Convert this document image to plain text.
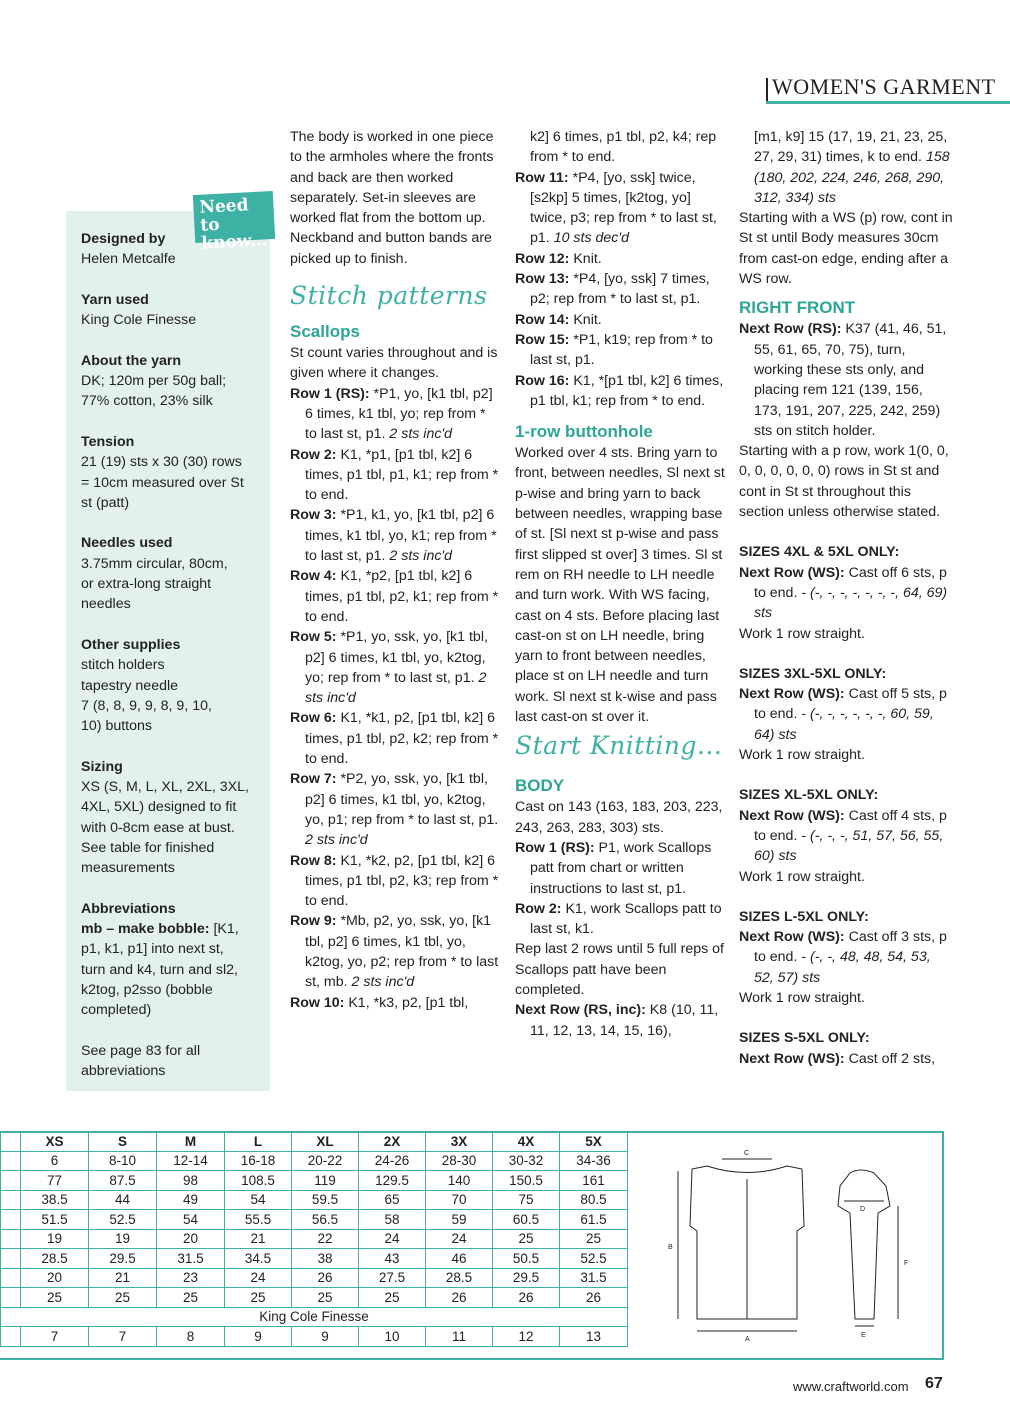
WOMEN'S GARMENT
Need to
know...
Designed by
Helen Metcalfe
Yarn used
King Cole Finesse
About the yarn
DK; 120m per 50g ball; 77% cotton, 23% silk
Tension
21 (19) sts x 30 (30) rows = 10cm measured over St st (patt)
Needles used
3.75mm circular, 80cm, or extra-long straight needles
Other supplies
stitch holders
tapestry needle
7 (8, 8, 9, 9, 8, 9, 10, 10) buttons
Sizing
XS (S, M, L, XL, 2XL, 3XL, 4XL, 5XL) designed to fit with 0-8cm ease at bust. See table for finished measurements
Abbreviations
mb – make bobble: [K1, p1, k1, p1] into next st, turn and k4, turn and sl2, k2tog, p2sso (bobble completed)
See page 83 for all abbreviations

The body is worked in one piece to the armholes where the fronts and back are then worked separately. Set-in sleeves are worked flat from the bottom up. Neckband and button bands are picked up to finish.

Stitch patterns
Scallops

St count varies throughout and is given where it changes.

Row 1 (RS): *P1, yo, [k1 tbl, p2] 6 times, k1 tbl, yo; rep from * to last st, p1. 2 sts inc'd

Row 2: K1, *p1, [p1 tbl, k2] 6 times, p1 tbl, p1, k1; rep from * to end.

Row 3: *P1, k1, yo, [k1 tbl, p2] 6 times, k1 tbl, yo, k1; rep from * to last st, p1. 2 sts inc'd

Row 4: K1, *p2, [p1 tbl, k2] 6 times, p1 tbl, p2, k1; rep from * to end.

Row 5: *P1, yo, ssk, yo, [k1 tbl, p2] 6 times, k1 tbl, yo, k2tog, yo; rep from * to last st, p1. 2 sts inc'd

Row 6: K1, *k1, p2, [p1 tbl, k2] 6 times, p1 tbl, p2, k2; rep from * to end.

Row 7: *P2, yo, ssk, yo, [k1 tbl, p2] 6 times, k1 tbl, yo, k2tog, yo, p1; rep from * to last st, p1. 2 sts inc'd

Row 8: K1, *k2, p2, [p1 tbl, k2] 6 times, p1 tbl, p2, k3; rep from * to end.

Row 9: *Mb, p2, yo, ssk, yo, [k1 tbl, p2] 6 times, k1 tbl, yo, k2tog, yo, p2; rep from * to last st, mb. 2 sts inc'd

Row 10: K1, *k3, p2, [p1 tbl,

k2] 6 times, p1 tbl, p2, k4; rep from * to end.

Row 11: *P4, [yo, ssk] twice, [s2kp] 5 times, [k2tog, yo] twice, p3; rep from * to last st, p1. 10 sts dec'd

Row 12: Knit.

Row 13: *P4, [yo, ssk] 7 times, p2; rep from * to last st, p1.

Row 14: Knit.

Row 15: *P1, k19; rep from * to last st, p1.

Row 16: K1, *[p1 tbl, k2] 6 times, p1 tbl, k1; rep from * to end.

1-row buttonhole

Worked over 4 sts. Bring yarn to front, between needles, Sl next st p-wise and bring yarn to back between needles, wrapping base of st. [Sl next st p-wise and pass first slipped st over] 3 times. Sl st rem on RH needle to LH needle and turn work. With WS facing, cast on 4 sts. Before placing last cast-on st on LH needle, bring yarn to front between needles, place st on LH needle and turn work. Sl next st k-wise and pass last cast-on st over it.

Start Knitting...
BODY

Cast on 143 (163, 183, 203, 223, 243, 263, 283, 303) sts.

Row 1 (RS): P1, work Scallops patt from chart or written instructions to last st, p1.

Row 2: K1, work Scallops patt to last st, k1.

Rep last 2 rows until 5 full reps of Scallops patt have been completed.

Next Row (RS, inc): K8 (10, 11, 11, 12, 13, 14, 15, 16),

[m1, k9] 15 (17, 19, 21, 23, 25, 27, 29, 31) times, k to end. 158 (180, 202, 224, 246, 268, 290, 312, 334) sts

Starting with a WS (p) row, cont in St st until Body measures 30cm from cast-on edge, ending after a WS row.

RIGHT FRONT

Next Row (RS): K37 (41, 46, 51, 55, 61, 65, 70, 75), turn, working these sts only, and placing rem 121 (139, 156, 173, 191, 207, 225, 242, 259) sts on stitch holder.

Starting with a p row, work 1(0, 0, 0, 0, 0, 0, 0, 0) rows in St st and cont in St st throughout this section unless otherwise stated.

SIZES 4XL & 5XL ONLY:

Next Row (WS): Cast off 6 sts, p to end. - (-, -, -, -, -, -, -, 64, 69) sts

Work 1 row straight.

SIZES 3XL-5XL ONLY:

Next Row (WS): Cast off 5 sts, p to end. - (-, -, -, -, -, -, 60, 59, 64) sts

Work 1 row straight.

SIZES XL-5XL ONLY:

Next Row (WS): Cast off 4 sts, p to end. - (-, -, -, 51, 57, 56, 55, 60) sts

Work 1 row straight.

SIZES L-5XL ONLY:

Next Row (WS): Cast off 3 sts, p to end. - (-, -, 48, 48, 54, 53, 52, 57) sts

Work 1 row straight.

SIZES S-5XL ONLY:

Next Row (WS): Cast off 2 sts,

	XS	S	M	L	XL	2X	3X	4X	5X
	6	8-10	12-14	16-18	20-22	24-26	28-30	30-32	34-36
	77	87.5	98	108.5	119	129.5	140	150.5	161
	38.5	44	49	54	59.5	65	70	75	80.5
	51.5	52.5	54	55.5	56.5	58	59	60.5	61.5
	19	19	20	21	22	24	24	25	25
	28.5	29.5	31.5	34.5	38	43	46	50.5	52.5
	20	21	23	24	26	27.5	28.5	29.5	31.5
	25	25	25	25	25	25	26	26	26
King Cole Finesse									
	7	7	8	9	9	10	11	12	13
C
D
B
F
A
E
www.craftworld.com 67
